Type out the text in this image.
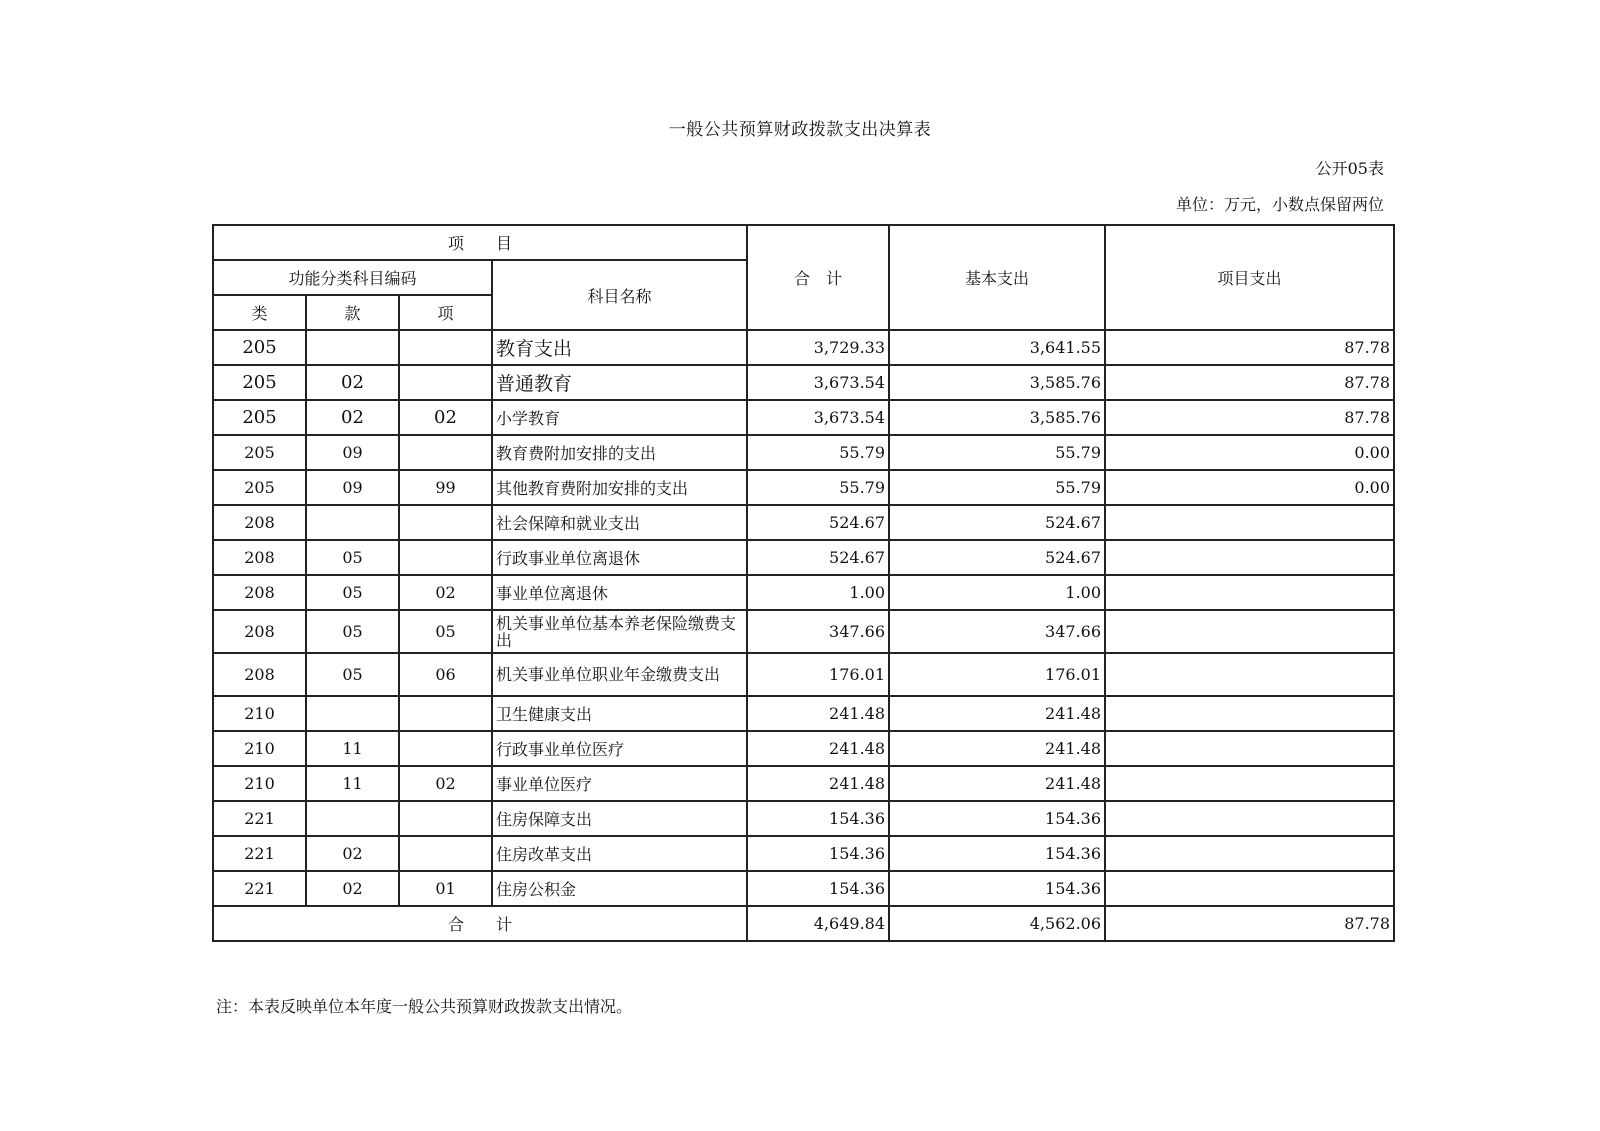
一般公共预算财政拨款支出决算表
公开05表
单位：万元，小数点保留两位
项　　目				合　计	基本支出	项目支出
功能分类科目编码			科目名称			
类	款	项				
205			教育支出	3,729.33	3,641.55	87.78
205	02		普通教育	3,673.54	3,585.76	87.78
205	02	02	小学教育	3,673.54	3,585.76	87.78
205	09		教育费附加安排的支出	55.79	55.79	0.00
205	09	99	其他教育费附加安排的支出	55.79	55.79	0.00
208			社会保障和就业支出	524.67	524.67	
208	05		行政事业单位离退休	524.67	524.67	
208	05	02	事业单位离退休	1.00	1.00	
208	05	05	机关事业单位基本养老保险缴费支出	347.66	347.66	
208	05	06	机关事业单位职业年金缴费支出	176.01	176.01	
210			卫生健康支出	241.48	241.48	
210	11		行政事业单位医疗	241.48	241.48	
210	11	02	事业单位医疗	241.48	241.48	
221			住房保障支出	154.36	154.36	
221	02		住房改革支出	154.36	154.36	
221	02	01	住房公积金	154.36	154.36	
合　　计				4,649.84	4,562.06	87.78
注：本表反映单位本年度一般公共预算财政拨款支出情况。
